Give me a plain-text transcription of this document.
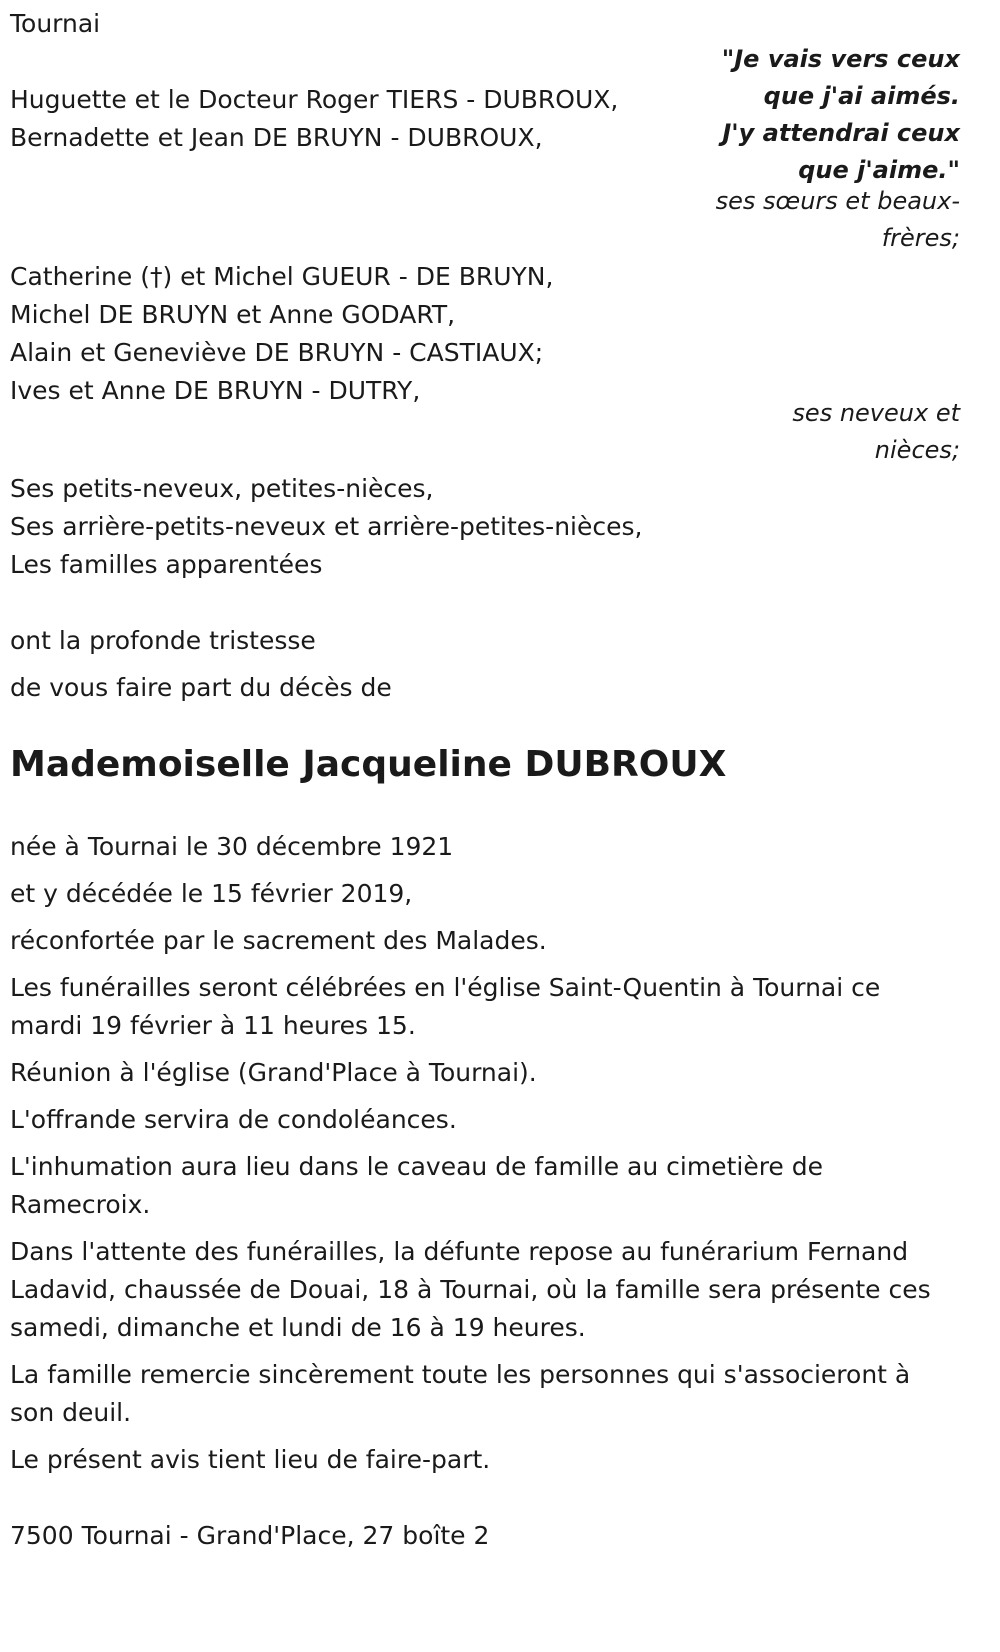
Tournai
"Je vais vers ceux
que j'ai aimés.
J'y attendrai ceux
que j'aime."
Huguette et le Docteur Roger TIERS - DUBROUX,
Bernadette et Jean DE BRUYN - DUBROUX,
ses sœurs et beaux-
frères;
Catherine (†) et Michel GUEUR - DE BRUYN,
Michel DE BRUYN et Anne GODART,
Alain et Geneviève DE BRUYN - CASTIAUX;
Ives et Anne DE BRUYN - DUTRY,
ses neveux et
nièces;
Ses petits-neveux, petites-nièces,
Ses arrière-petits-neveux et arrière-petites-nièces,
Les familles apparentées
ont la profonde tristesse
de vous faire part du décès de
Mademoiselle Jacqueline DUBROUX
née à Tournai le 30 décembre 1921
et y décédée le 15 février 2019,
réconfortée par le sacrement des Malades.
Les funérailles seront célébrées en l'église Saint-Quentin à Tournai ce mardi 19 février à 11 heures 15.
Réunion à l'église (Grand'Place à Tournai).
L'offrande servira de condoléances.
L'inhumation aura lieu dans le caveau de famille au cimetière de Ramecroix.
Dans l'attente des funérailles, la défunte repose au funérarium Fernand Ladavid, chaussée de Douai, 18 à Tournai, où la famille sera présente ces samedi, dimanche et lundi de 16 à 19 heures.
La famille remercie sincèrement toute les personnes qui s'associeront à son deuil.
Le présent avis tient lieu de faire-part.
7500 Tournai - Grand'Place, 27 boîte 2
